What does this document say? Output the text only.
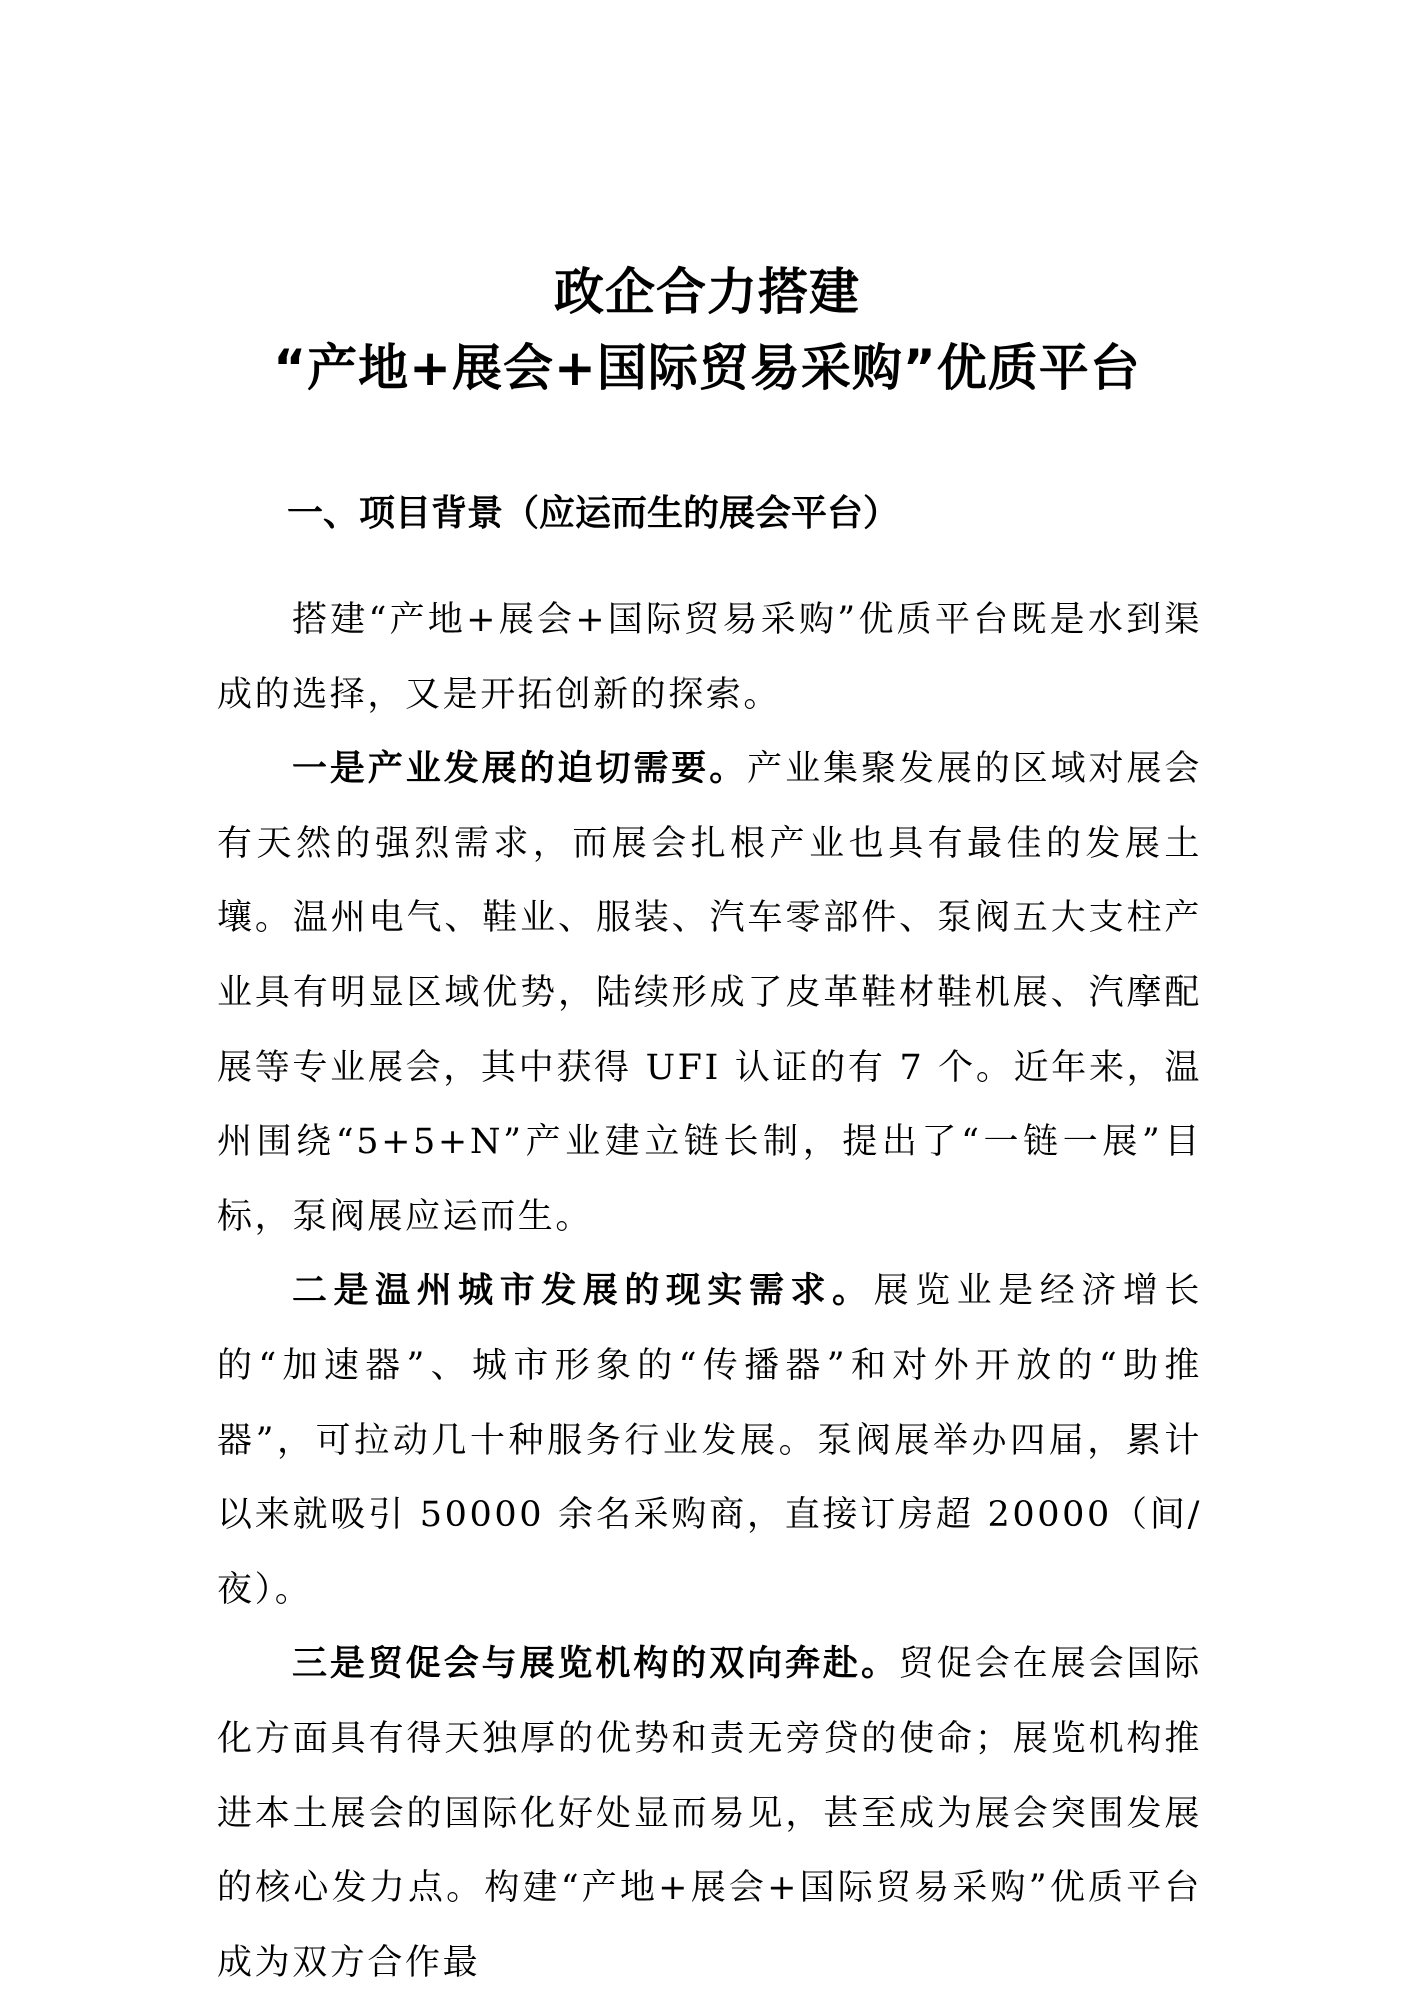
政企合力搭建
“产地+展会+国际贸易采购”优质平台
一、项目背景（应运而生的展会平台）

搭建“产地+展会+国际贸易采购”优质平台既是水到渠成的选择，又是开拓创新的探索。

一是产业发展的迫切需要。产业集聚发展的区域对展会有天然的强烈需求，而展会扎根产业也具有最佳的发展土壤。温州电气、鞋业、服装、汽车零部件、泵阀五大支柱产业具有明显区域优势，陆续形成了皮革鞋材鞋机展、汽摩配展等专业展会，其中获得 UFI 认证的有 7 个。近年来，温州围绕“5+5+N”产业建立链长制，提出了“一链一展”目标，泵阀展应运而生。

二是温州城市发展的现实需求。展览业是经济增长的“加速器”、城市形象的“传播器”和对外开放的“助推器”，可拉动几十种服务行业发展。泵阀展举办四届，累计以来就吸引 50000 余名采购商，直接订房超 20000（间/夜）。

三是贸促会与展览机构的双向奔赴。贸促会在展会国际化方面具有得天独厚的优势和责无旁贷的使命；展览机构推进本土展会的国际化好处显而易见，甚至成为展会突围发展的核心发力点。构建“产地+展会+国际贸易采购”优质平台成为双方合作最
